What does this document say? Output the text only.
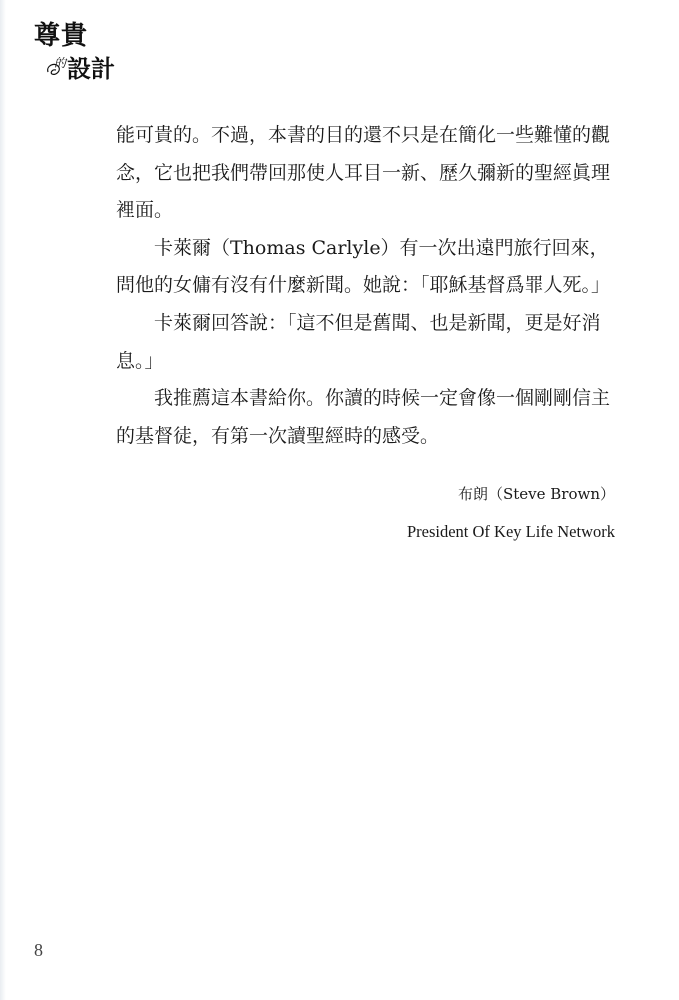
尊貴
$^的$設計

能可貴的。不過，本書的目的還不只是在簡化一些難懂的觀念，它也把我們帶回那使人耳目一新、歷久彌新的聖經眞理裡面。

卡萊爾（Thomas Carlyle）有一次出遠門旅行回來，問他的女傭有沒有什麼新聞。她說：「耶穌基督爲罪人死。」

卡萊爾回答說：「這不但是舊聞、也是新聞，更是好消息。」

我推薦這本書給你。你讀的時候一定會像一個剛剛信主的基督徒，有第一次讀聖經時的感受。

布朗（Steve Brown）
President Of Key Life Network
8
